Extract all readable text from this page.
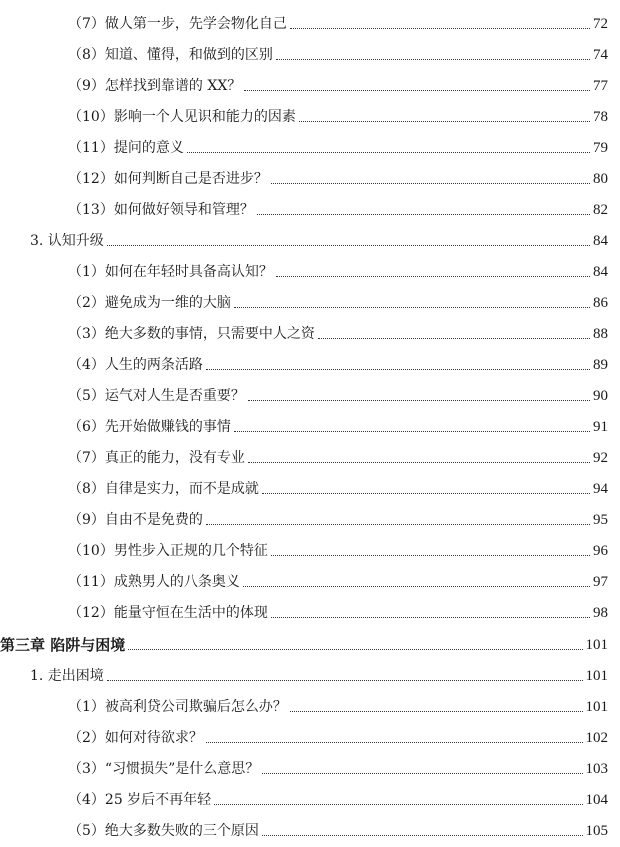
（7）做人第一步，先学会物化自己	72
（8）知道、懂得，和做到的区别	74
（9）怎样找到靠谱的 XX？	77
（10）影响一个人见识和能力的因素	78
（11）提问的意义	79
（12）如何判断自己是否进步？	80
（13）如何做好领导和管理？	82
3. 认知升级	84
（1）如何在年轻时具备高认知？	84
（2）避免成为一维的大脑	86
（3）绝大多数的事情，只需要中人之资	88
（4）人生的两条活路	89
（5）运气对人生是否重要？	90
（6）先开始做赚钱的事情	91
（7）真正的能力，没有专业	92
（8）自律是实力，而不是成就	94
（9）自由不是免费的	95
（10）男性步入正规的几个特征	96
（11）成熟男人的八条奥义	97
（12）能量守恒在生活中的体现	98
第三章 陷阱与困境	101
1. 走出困境	101
（1）被高利贷公司欺骗后怎么办？	101
（2）如何对待欲求？	102
（3）“习惯损失”是什么意思？	103
（4）25 岁后不再年轻	104
（5）绝大多数失败的三个原因	105
